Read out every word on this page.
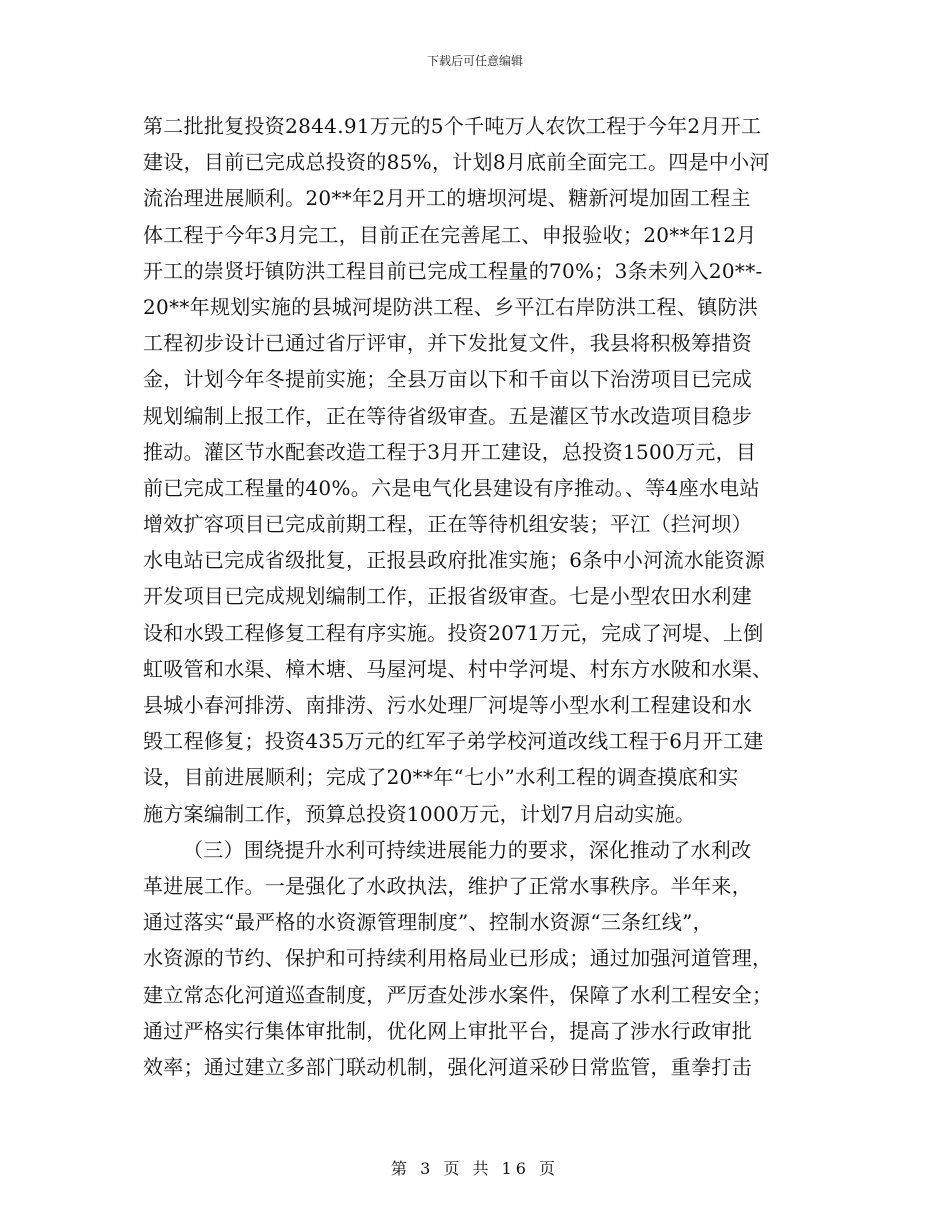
下载后可任意编辑
第二批批复投资2844.91万元的5个千吨万人农饮工程于今年2月开工
建设，目前已完成总投资的85%，计划8月底前全面完工。四是中小河
流治理进展顺利。20**年2月开工的塘坝河堤、糖新河堤加固工程主
体工程于今年3月完工，目前正在完善尾工、申报验收；20**年12月
开工的崇贤圩镇防洪工程目前已完成工程量的70%；3条未列入20**-
20**年规划实施的县城河堤防洪工程、乡平江右岸防洪工程、镇防洪
工程初步设计已通过省厅评审，并下发批复文件，我县将积极筹措资
金，计划今年冬提前实施；全县万亩以下和千亩以下治涝项目已完成
规划编制上报工作，正在等待省级审查。五是灌区节水改造项目稳步
推动。灌区节水配套改造工程于3月开工建设，总投资1500万元，目
前已完成工程量的40%。六是电气化县建设有序推动。、等4座水电站
增效扩容项目已完成前期工程，正在等待机组安装；平江（拦河坝）
水电站已完成省级批复，正报县政府批准实施；6条中小河流水能资源
开发项目已完成规划编制工作，正报省级审查。七是小型农田水利建
设和水毁工程修复工程有序实施。投资2071万元，完成了河堤、上倒
虹吸管和水渠、樟木塘、马屋河堤、村中学河堤、村东方水陂和水渠、
县城小春河排涝、南排涝、污水处理厂河堤等小型水利工程建设和水
毁工程修复；投资435万元的红军子弟学校河道改线工程于6月开工建
设，目前进展顺利；完成了20**年“七小”水利工程的调查摸底和实
施方案编制工作，预算总投资1000万元，计划7月启动实施。
（三）围绕提升水利可持续进展能力的要求，深化推动了水利改
革进展工作。一是强化了水政执法，维护了正常水事秩序。半年来，
通过落实“最严格的水资源管理制度”、控制水资源“三条红线”，
水资源的节约、保护和可持续利用格局业已形成；通过加强河道管理，
建立常态化河道巡查制度，严厉查处涉水案件，保障了水利工程安全；
通过严格实行集体审批制，优化网上审批平台，提高了涉水行政审批
效率；通过建立多部门联动机制，强化河道采砂日常监管，重拳打击
第 3 页 共 16 页
